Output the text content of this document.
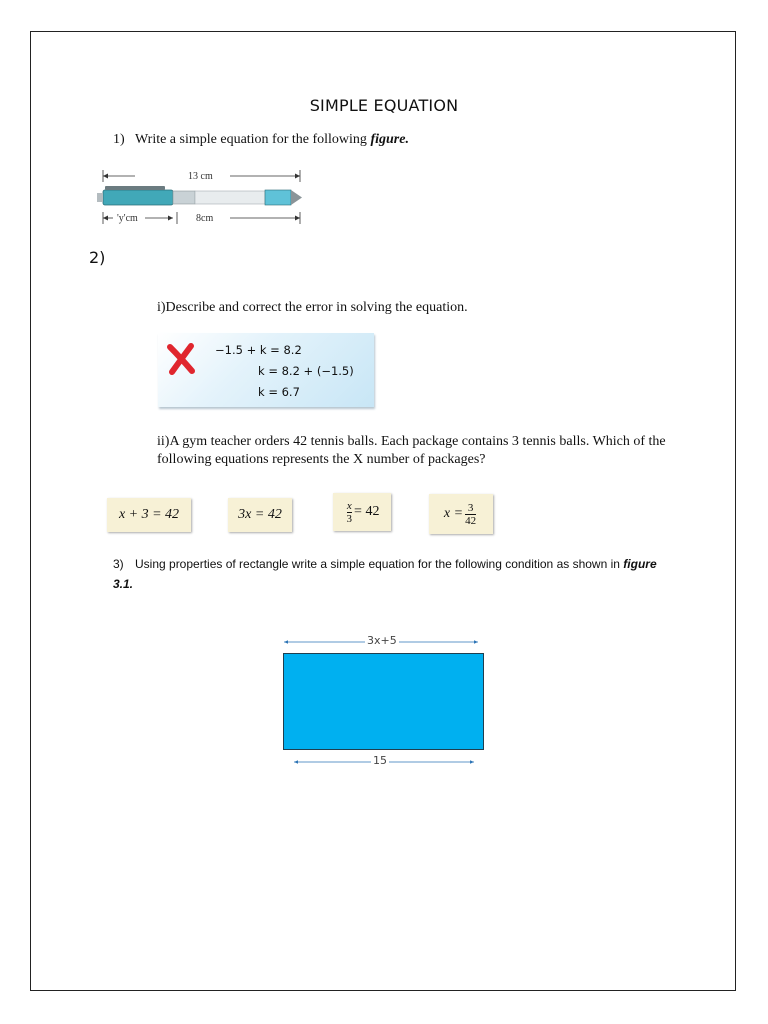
SIMPLE EQUATION
1) Write a simple equation for the following figure.
13 cm
'y'cm	8cm
2)
i)Describe and correct the error in solving the equation.
−1.5 + k = 8.2
k = 8.2 + (−1.5)
k = 6.7
ii)A gym teacher orders 42 tennis balls. Each package contains 3 tennis balls. Which of the following equations represents the X number of packages?
x + 3 = 42	3x = 42	$\frac{x}{3} = 42$	$x = \frac{3}{42}$
3) Using properties of rectangle write a simple equation for the following condition as shown in figure 3.1.
3x+5
15
